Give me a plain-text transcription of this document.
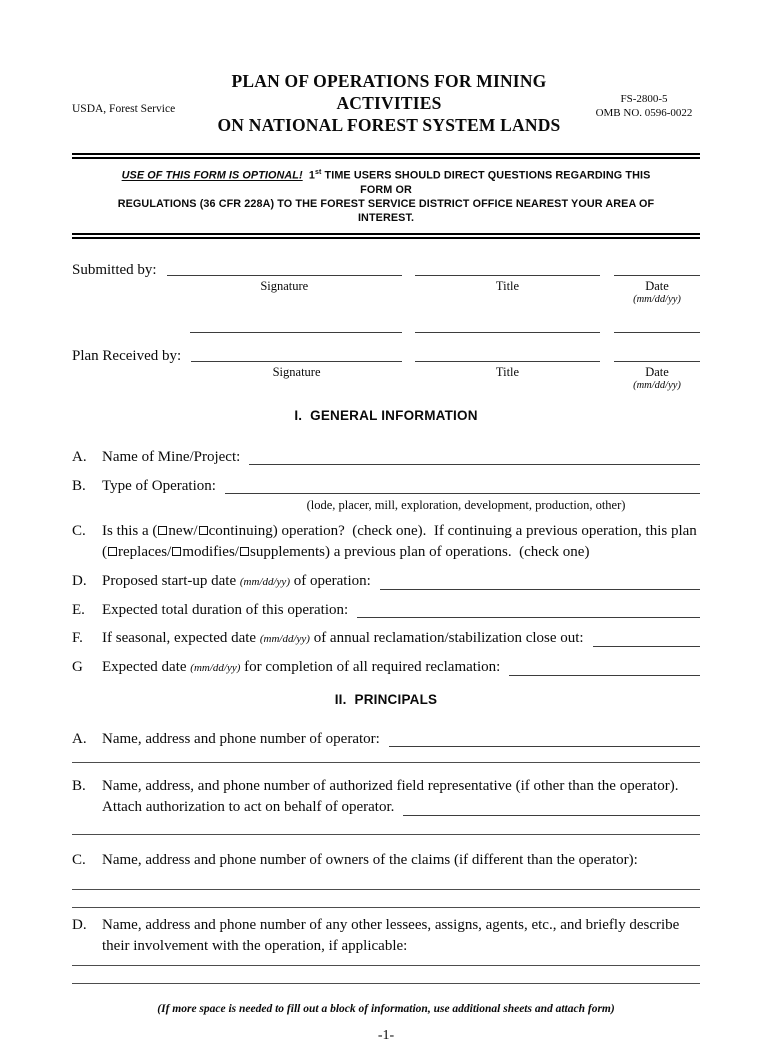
USDA, Forest Service
PLAN OF OPERATIONS FOR MINING ACTIVITIES
ON NATIONAL FOREST SYSTEM LANDS
FS-2800-5
OMB NO. 0596-0022
USE OF THIS FORM IS OPTIONAL!  1st TIME USERS SHOULD DIRECT QUESTIONS REGARDING THIS FORM OR
REGULATIONS (36 CFR 228A) TO THE FOREST SERVICE DISTRICT OFFICE NEAREST YOUR AREA OF INTEREST.
Submitted by:
Signature	Title	Date
(mm/dd/yy)
Plan Received by:
Signature	Title	Date
(mm/dd/yy)
I.  GENERAL INFORMATION
A.	Name of Mine/Project:
B.	Type of Operation:
(lode, placer, mill, exploration, development, production, other)
C.	Is this a ( new/ continuing) operation?  (check one).  If continuing a previous operation, this plan
( replaces/ modifies/ supplements) a previous plan of operations.  (check one)
D.	Proposed start-up date (mm/dd/yy) of operation:
E.	Expected total duration of this operation:
F.	If seasonal, expected date (mm/dd/yy) of annual reclamation/stabilization close out:
G	Expected date (mm/dd/yy) for completion of all required reclamation:
II.  PRINCIPALS
A.	Name, address and phone number of operator:
B.	Name, address, and phone number of authorized field representative (if other than the operator).
Attach authorization to act on behalf of operator.
C.	Name, address and phone number of owners of the claims (if different than the operator):
D.	Name, address and phone number of any other lessees, assigns, agents, etc., and briefly describe
their involvement with the operation, if applicable:
(If more space is needed to fill out a block of information, use additional sheets and attach form)
-1-
